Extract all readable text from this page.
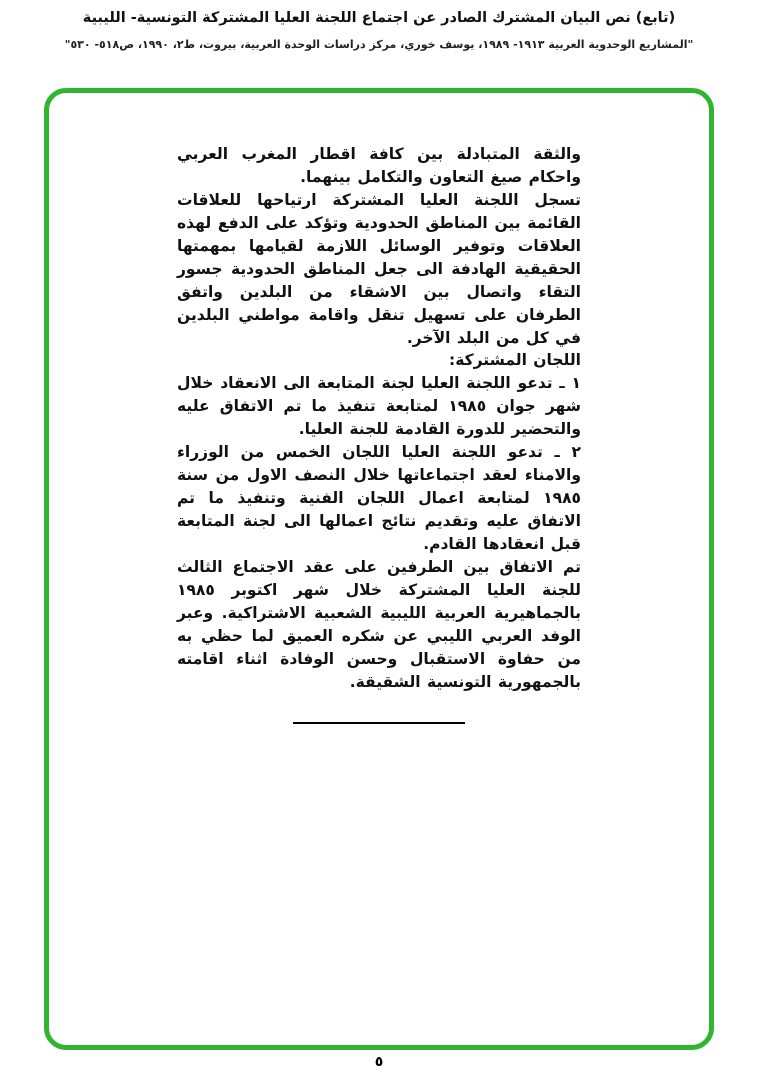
(تابع) نص البيان المشترك الصادر عن اجتماع اللجنة العليا المشتركة التونسية- الليبية
"المشاريع الوحدوية العربية ١٩١٣- ١٩٨٩، يوسف خوري، مركز دراسات الوحدة العربية، بيروت، ط٢، ١٩٩٠، ص٥١٨- ٥٣٠"

والثقة المتبادلة بين كافة اقطار المغرب العربي واحكام صيغ التعاون والتكامل بينهما.

تسجل اللجنة العليا المشتركة ارتياحها للعلاقات القائمة بين المناطق الحدودية وتؤكد على الدفع لهذه العلاقات وتوفير الوسائل اللازمة لقيامها بمهمتها الحقيقية الهادفة الى جعل المناطق الحدودية جسور التقاء واتصال بين الاشقاء من البلدين واتفق الطرفان على تسهيل تنقل واقامة مواطني البلدين في كل من البلد الآخر.

اللجان المشتركة:

١ ـ تدعو اللجنة العليا لجنة المتابعة الى الانعقاد خلال شهر جوان ١٩٨٥ لمتابعة تنفيذ ما تم الاتفاق عليه والتحضير للدورة القادمة للجنة العليا.

٢ ـ تدعو اللجنة العليا اللجان الخمس من الوزراء والامناء لعقد اجتماعاتها خلال النصف الاول من سنة ١٩٨٥ لمتابعة اعمال اللجان الفنية وتنفيذ ما تم الاتفاق عليه وتقديم نتائج اعمالها الى لجنة المتابعة قبل انعقادها القادم.

تم الاتفاق بين الطرفين على عقد الاجتماع الثالث للجنة العليا المشتركة خلال شهر اكتوبر ١٩٨٥ بالجماهيرية العربية الليبية الشعبية الاشتراكية. وعبر الوفد العربي الليبي عن شكره العميق لما حظي به من حفاوة الاستقبال وحسن الوفادة اثناء اقامته بالجمهورية التونسية الشقيقة.

٥
